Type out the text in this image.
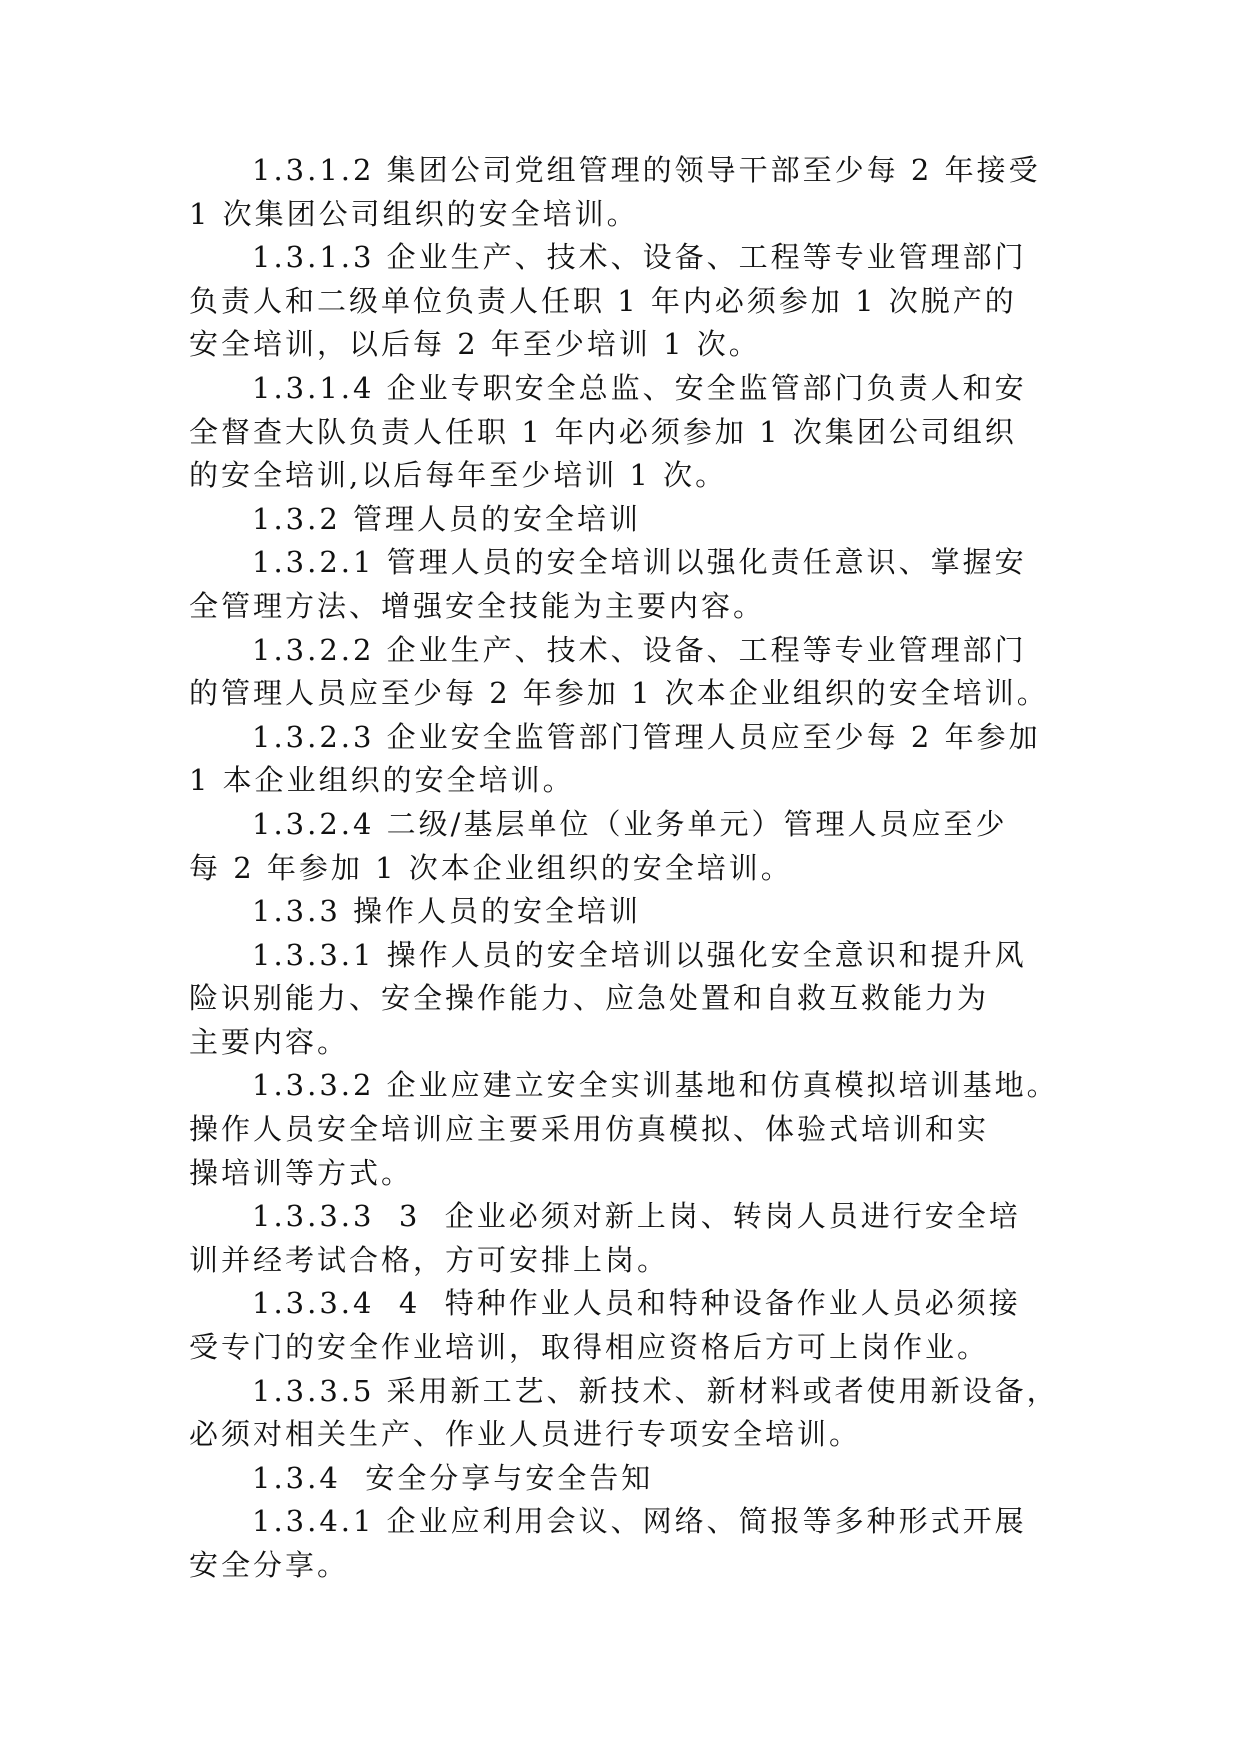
1.3.1.2 集团公司党组管理的领导干部至少每 2 年接受
1 次集团公司组织的安全培训。
1.3.1.3 企业生产、技术、设备、工程等专业管理部门
负责人和二级单位负责人任职 1 年内必须参加 1 次脱产的
安全培训，以后每 2 年至少培训 1 次。
1.3.1.4 企业专职安全总监、安全监管部门负责人和安
全督查大队负责人任职 1 年内必须参加 1 次集团公司组织
的安全培训,以后每年至少培训 1 次。
1.3.2 管理人员的安全培训
1.3.2.1 管理人员的安全培训以强化责任意识、掌握安
全管理方法、增强安全技能为主要内容。
1.3.2.2 企业生产、技术、设备、工程等专业管理部门
的管理人员应至少每 2 年参加 1 次本企业组织的安全培训。
1.3.2.3 企业安全监管部门管理人员应至少每 2 年参加
1 本企业组织的安全培训。
1.3.2.4 二级/基层单位（业务单元）管理人员应至少
每 2 年参加 1 次本企业组织的安全培训。
1.3.3 操作人员的安全培训
1.3.3.1 操作人员的安全培训以强化安全意识和提升风
险识别能力、安全操作能力、应急处置和自救互救能力为
主要内容。
1.3.3.2 企业应建立安全实训基地和仿真模拟培训基地。
操作人员安全培训应主要采用仿真模拟、体验式培训和实
操培训等方式。
1.3.3.3  3  企业必须对新上岗、转岗人员进行安全培
训并经考试合格，方可安排上岗。
1.3.3.4  4  特种作业人员和特种设备作业人员必须接
受专门的安全作业培训，取得相应资格后方可上岗作业。
1.3.3.5 采用新工艺、新技术、新材料或者使用新设备，
必须对相关生产、作业人员进行专项安全培训。
1.3.4  安全分享与安全告知
1.3.4.1 企业应利用会议、网络、简报等多种形式开展
安全分享。
